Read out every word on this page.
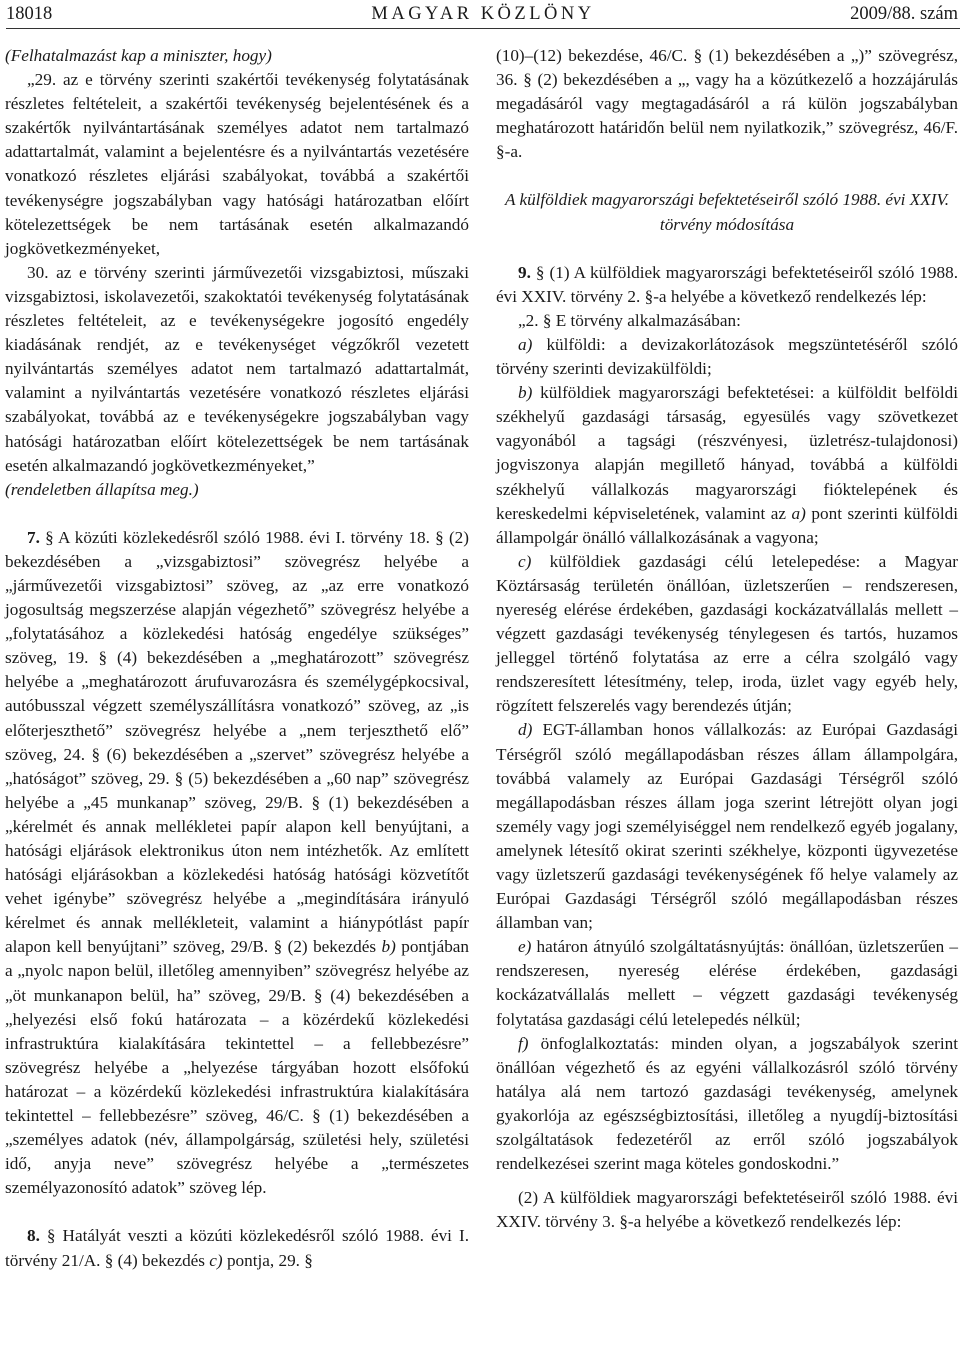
18018	MAGYAR KÖZLÖNY	2009/88. szám

(Felhatalmazást kap a miniszter, hogy)

„29. az e törvény szerinti szakértői tevékenység folytatásának részletes feltételeit, a szakértői tevékenység bejelentésének és a szakértők nyilvántartásának személyes adatot nem tartalmazó adattartalmát, valamint a bejelentésre és a nyilvántartás vezetésére vonatkozó részletes eljárási szabályokat, továbbá a szakértői tevékenységre jogszabályban vagy hatósági határozatban előírt kötelezettségek be nem tartásának esetén alkalmazandó jogkövetkezményeket,

30. az e törvény szerinti járművezetői vizsgabiztosi, műszaki vizsgabiztosi, iskolavezetői, szakoktatói tevékenység folytatásának részletes feltételeit, az e tevékenységekre jogosító engedély kiadásának rendjét, az e tevékenységet végzőkről vezetett nyilvántartás személyes adatot nem tartalmazó adattartalmát, valamint a nyilvántartás vezetésére vonatkozó részletes eljárási szabályokat, továbbá az e tevékenységekre jogszabályban vagy hatósági határozatban előírt kötelezettségek be nem tartásának esetén alkalmazandó jogkövetkezményeket,”

(rendeletben állapítsa meg.)

7. § A közúti közlekedésről szóló 1988. évi I. törvény 18. § (2) bekezdésében a „vizsgabiztosi” szövegrész helyébe a „járművezetői vizsgabiztosi” szöveg, az „az erre vonatkozó jogosultság megszerzése alapján végezhető” szövegrész helyébe a „folytatásához a közlekedési hatóság engedélye szükséges” szöveg, 19. § (4) bekezdésében a „meghatározott” szövegrész helyébe a „meghatározott árufuvarozásra és személygépkocsival, autóbusszal végzett személyszállításra vonatkozó” szöveg, az „is előterjeszthető” szövegrész helyébe a „nem terjeszthető elő” szöveg, 24. § (6) bekezdésében a „szervet” szövegrész helyébe a „hatóságot” szöveg, 29. § (5) bekezdésében a „60 nap” szövegrész helyébe a „45 munkanap” szöveg, 29/B. § (1) bekezdésében a „kérelmét és annak mellékletei papír alapon kell benyújtani, a hatósági eljárások elektronikus úton nem intézhetők. Az említett hatósági eljárásokban a közlekedési hatóság hatósági közvetítőt vehet igénybe” szövegrész helyébe a „megindítására irányuló kérelmet és annak mellékleteit, valamint a hiánypótlást papír alapon kell benyújtani” szöveg, 29/B. § (2) bekezdés b) pontjában a „nyolc napon belül, illetőleg amennyiben” szövegrész helyébe az „öt munkanapon belül, ha” szöveg, 29/B. § (4) bekezdésében a „helyezési első fokú határozata – a közérdekű közlekedési infrastruktúra kialakítására tekintettel – a fellebbezésre” szövegrész helyébe a „helyezése tárgyában hozott elsőfokú határozat – a közérdekű közlekedési infrastruktúra kialakítására tekintettel – fellebbezésre” szöveg, 46/C. § (1) bekezdésében a „személyes adatok (név, állampolgárság, születési hely, születési idő, anyja neve” szövegrész helyébe a „természetes személyazonosító adatok” szöveg lép.

8. § Hatályát veszti a közúti közlekedésről szóló 1988. évi I. törvény 21/A. § (4) bekezdés c) pontja, 29. §

(10)–(12) bekezdése, 46/C. § (1) bekezdésében a „)” szövegrész, 36. § (2) bekezdésében a „, vagy ha a közútkezelő a hozzájárulás megadásáról vagy megtagadásáról a rá külön jogszabályban meghatározott határidőn belül nem nyilatkozik,” szövegrész, 46/F. §-a.

A külföldiek magyarországi befektetéseiről szóló 1988. évi XXIV. törvény módosítása

9. § (1) A külföldiek magyarországi befektetéseiről szóló 1988. évi XXIV. törvény 2. §-a helyébe a következő rendelkezés lép:

„2. § E törvény alkalmazásában:

a) külföldi: a devizakorlátozások megszüntetéséről szóló törvény szerinti devizakülföldi;

b) külföldiek magyarországi befektetései: a külföldit belföldi székhelyű gazdasági társaság, egyesülés vagy szövetkezet vagyonából a tagsági (részvényesi, üzletrész-tulajdonosi) jogviszonya alapján megillető hányad, továbbá a külföldi székhelyű vállalkozás magyarországi fióktelepének és kereskedelmi képviseletének, valamint az a) pont szerinti külföldi állampolgár önálló vállalkozásának a vagyona;

c) külföldiek gazdasági célú letelepedése: a Magyar Köztársaság területén önállóan, üzletszerűen – rendszeresen, nyereség elérése érdekében, gazdasági kockázatvállalás mellett – végzett gazdasági tevékenység ténylegesen és tartós, huzamos jelleggel történő folytatása az erre a célra szolgáló vagy rendszeresített létesítmény, telep, iroda, üzlet vagy egyéb hely, rögzített felszerelés vagy berendezés útján;

d) EGT-államban honos vállalkozás: az Európai Gazdasági Térségről szóló megállapodásban részes állam állampolgára, továbbá valamely az Európai Gazdasági Térségről szóló megállapodásban részes állam joga szerint létrejött olyan jogi személy vagy jogi személyiséggel nem rendelkező egyéb jogalany, amelynek létesítő okirat szerinti székhelye, központi ügyvezetése vagy üzletszerű gazdasági tevékenységének fő helye valamely az Európai Gazdasági Térségről szóló megállapodásban részes államban van;

e) határon átnyúló szolgáltatásnyújtás: önállóan, üzletszerűen – rendszeresen, nyereség elérése érdekében, gazdasági kockázatvállalás mellett – végzett gazdasági tevékenység folytatása gazdasági célú letelepedés nélkül;

f) önfoglalkoztatás: minden olyan, a jogszabályok szerint önállóan végezhető és az egyéni vállalkozásról szóló törvény hatálya alá nem tartozó gazdasági tevékenység, amelynek gyakorlója az egészségbiztosítási, illetőleg a nyugdíj-biztosítási szolgáltatások fedezetéről az erről szóló jogszabályok rendelkezései szerint maga köteles gondoskodni.”

(2) A külföldiek magyarországi befektetéseiről szóló 1988. évi XXIV. törvény 3. §-a helyébe a következő rendelkezés lép:
